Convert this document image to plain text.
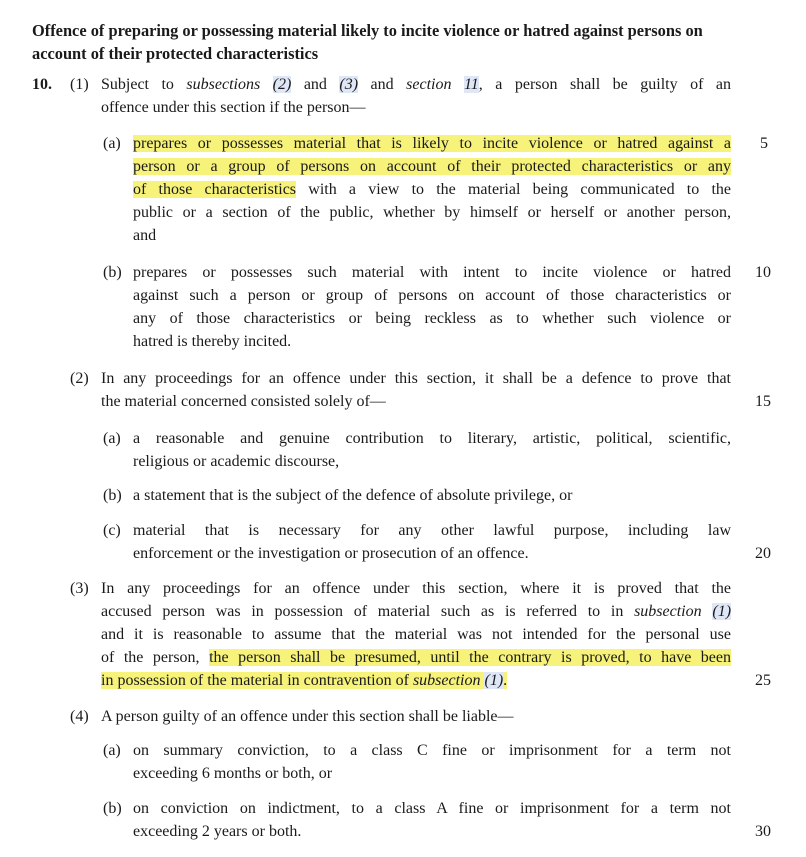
Offence of preparing or possessing material likely to incite violence or hatred against persons on account of their protected characteristics
10. (1) Subject to subsections (2) and (3) and section 11, a person shall be guilty of an
offence under this section if the person—
(a) prepares or possesses material that is likely to incite violence or hatred against a
person or a group of persons on account of their protected characteristics or any
of those characteristics with a view to the material being communicated to the
public or a section of the public, whether by himself or herself or another person,
and
(b) prepares or possesses such material with intent to incite violence or hatred
against such a person or group of persons on account of those characteristics or
any of those characteristics or being reckless as to whether such violence or
hatred is thereby incited.
(2) In any proceedings for an offence under this section, it shall be a defence to prove that
the material concerned consisted solely of—
(a) a reasonable and genuine contribution to literary, artistic, political, scientific,
religious or academic discourse,
(b) a statement that is the subject of the defence of absolute privilege, or
(c) material that is necessary for any other lawful purpose, including law
enforcement or the investigation or prosecution of an offence.
(3) In any proceedings for an offence under this section, where it is proved that the
accused person was in possession of material such as is referred to in subsection (1)
and it is reasonable to assume that the material was not intended for the personal use
of the person, the person shall be presumed, until the contrary is proved, to have been
in possession of the material in contravention of subsection (1).
(4) A person guilty of an offence under this section shall be liable—
(a) on summary conviction, to a class C fine or imprisonment for a term not
exceeding 6 months or both, or
(b) on conviction on indictment, to a class A fine or imprisonment for a term not
exceeding 2 years or both.
5
10
15
20
25
30
